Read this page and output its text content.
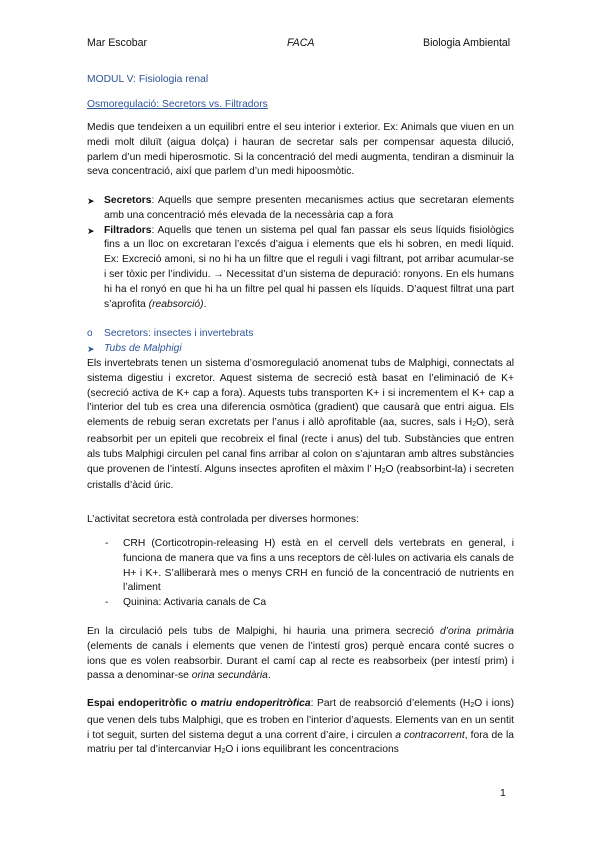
Mar Escobar	FACA	Biologia Ambiental
MODUL V: Fisiologia renal
Osmoregulació: Secretors vs. Filtradors
Medis que tendeixen a un equilibri entre el seu interior i exterior. Ex: Animals que viuen en un medi molt diluït (aigua dolça) i hauran de secretar sals per compensar aquesta dilució, parlem d’un medi hiperosmotic. Si la concentració del medi augmenta, tendiran a disminuir la seva concentració, així que parlem d’un medi hipoosmòtic.
➤ Secretors: Aquells que sempre presenten mecanismes actius que secretaran elements amb una concentració més elevada de la necessària cap a fora
➤ Filtradors: Aquells que tenen un sistema pel qual fan passar els seus líquids fisiològics fins a un lloc on excretaran l’excés d’aigua i elements que els hi sobren, en medi líquid. Ex: Excreció amoni, si no hi ha un filtre que el reguli i vagi filtrant, pot arribar acumular-se i ser tòxic per l’individu. → Necessitat d’un sistema de depuració: ronyons. En els humans hi ha el ronyó en que hi ha un filtre pel qual hi passen els líquids. D’aquest filtrat una part s’aprofita (reabsorció).
o Secretors: insectes i invertebrats
➤ Tubs de Malphigi
Els invertebrats tenen un sistema d’osmoregulació anomenat tubs de Malphigi, connectats al sistema digestiu i excretor. Aquest sistema de secreció està basat en l’eliminació de K+ (secreció activa de K+ cap a fora). Aquests tubs transporten K+ i si incrementem el K+ cap a l’interior del tub es crea una diferencia osmòtica (gradient) que causarà que entri aigua. Els elements de rebuig seran excretats per l’anus i allò aprofitable (aa, sucres, sals i H2O), serà reabsorbit per un epiteli que recobreix el final (recte i anus) del tub. Substàncies que entren als tubs Malphigi circulen pel canal fins arribar al colon on s’ajuntaran amb altres substàncies que provenen de l’intestí. Alguns insectes aprofiten el màxim l’ H2O (reabsorbint-la) i secreten cristalls d’àcid úric.
L’activitat secretora està controlada per diverses hormones:
- CRH (Corticotropin-releasing H) està en el cervell dels vertebrats en general, i funciona de manera que va fins a uns receptors de cèl·lules on activaria els canals de H+ i K+. S’alliberarà mes o menys CRH en funció de la concentració de nutrients en l’aliment
- Quinina: Activaria canals de Ca
En la circulació pels tubs de Malpighi, hi hauria una primera secreció d’orina primària (elements de canals i elements que venen de l’intestí gros) perquè encara conté sucres o ions que es volen reabsorbir. Durant el camí cap al recte es reabsorbeix (per intestí prim) i passa a denominar-se orina secundària.
Espai endoperitròfic o matriu endoperitròfica: Part de reabsorció d’elements (H2O i ions) que venen dels tubs Malphigi, que es troben en l’interior d’aquests. Elements van en un sentit i tot seguit, surten del sistema degut a una corrent d’aire, i circulen a contracorrent, fora de la matriu per tal d’intercanviar H2O i ions equilibrant les concentracions
1
